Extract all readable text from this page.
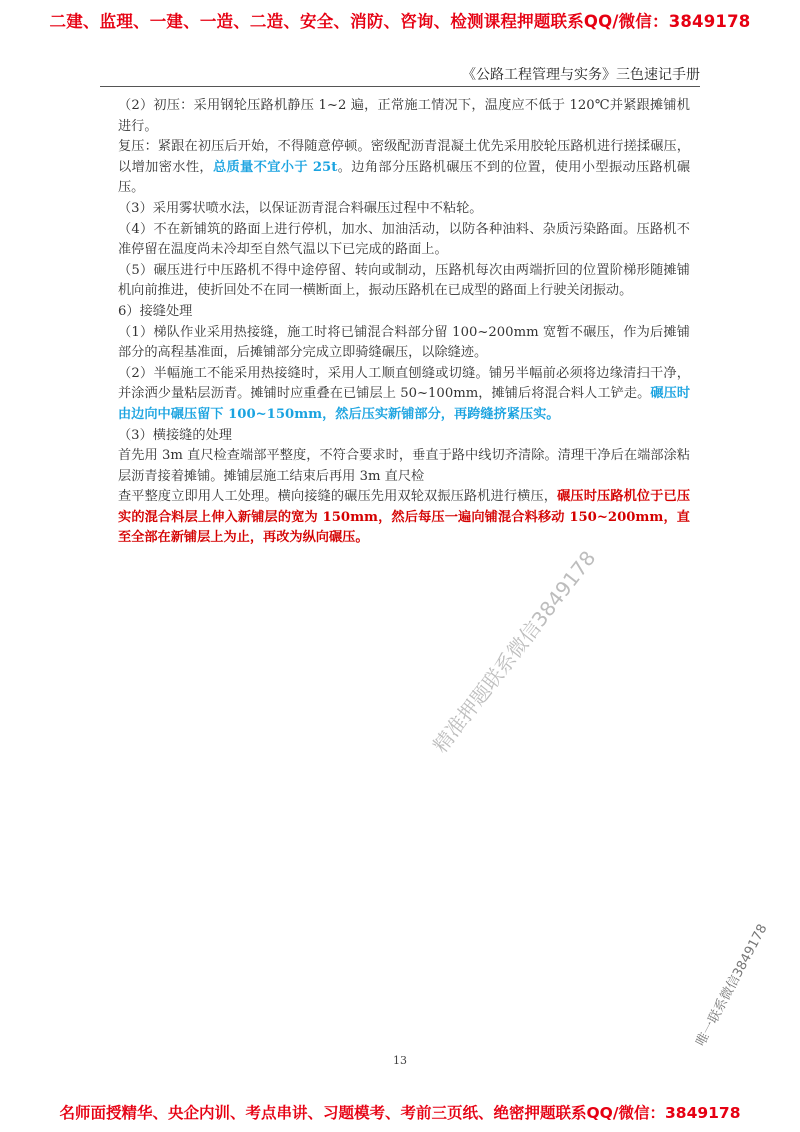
二建、监理、一建、一造、二造、安全、消防、咨询、检测课程押题联系QQ/微信：3849178
《公路工程管理与实务》三色速记手册

（2）初压：采用钢轮压路机静压 1~2 遍，正常施工情况下，温度应不低于 120℃并紧跟摊铺机进行。

复压：紧跟在初压后开始，不得随意停顿。密级配沥青混凝土优先采用胶轮压路机进行搓揉碾压，以增加密水性，总质量不宜小于 25t。边角部分压路机碾压不到的位置，使用小型振动压路机碾压。

（3）采用雾状喷水法，以保证沥青混合料碾压过程中不粘轮。

（4）不在新铺筑的路面上进行停机，加水、加油活动，以防各种油料、杂质污染路面。压路机不准停留在温度尚未冷却至自然气温以下已完成的路面上。

（5）碾压进行中压路机不得中途停留、转向或制动，压路机每次由两端折回的位置阶梯形随摊铺机向前推进，使折回处不在同一横断面上，振动压路机在已成型的路面上行驶关闭振动。

6）接缝处理

（1）梯队作业采用热接缝，施工时将已铺混合料部分留 100~200mm 宽暂不碾压，作为后摊铺部分的高程基准面，后摊铺部分完成立即骑缝碾压，以除缝迹。

（2）半幅施工不能采用热接缝时，采用人工顺直刨缝或切缝。铺另半幅前必须将边缘清扫干净，并涂洒少量粘层沥青。摊铺时应重叠在已铺层上 50~100mm，摊铺后将混合料人工铲走。碾压时由边向中碾压留下 100~150mm，然后压实新铺部分，再跨缝挤紧压实。

（3）横接缝的处理

首先用 3m 直尺检查端部平整度，不符合要求时，垂直于路中线切齐清除。清理干净后在端部涂粘层沥青接着摊铺。摊铺层施工结束后再用 3m 直尺检

查平整度立即用人工处理。横向接缝的碾压先用双轮双振压路机进行横压，碾压时压路机位于已压实的混合料层上伸入新铺层的宽为 150mm，然后每压一遍向铺混合料移动 150~200mm，直至全部在新铺层上为止，再改为纵向碾压。

精准押题联系微信3849178
唯一联系微信3849178
13
名师面授精华、央企内训、考点串讲、习题模考、考前三页纸、绝密押题联系QQ/微信：3849178
